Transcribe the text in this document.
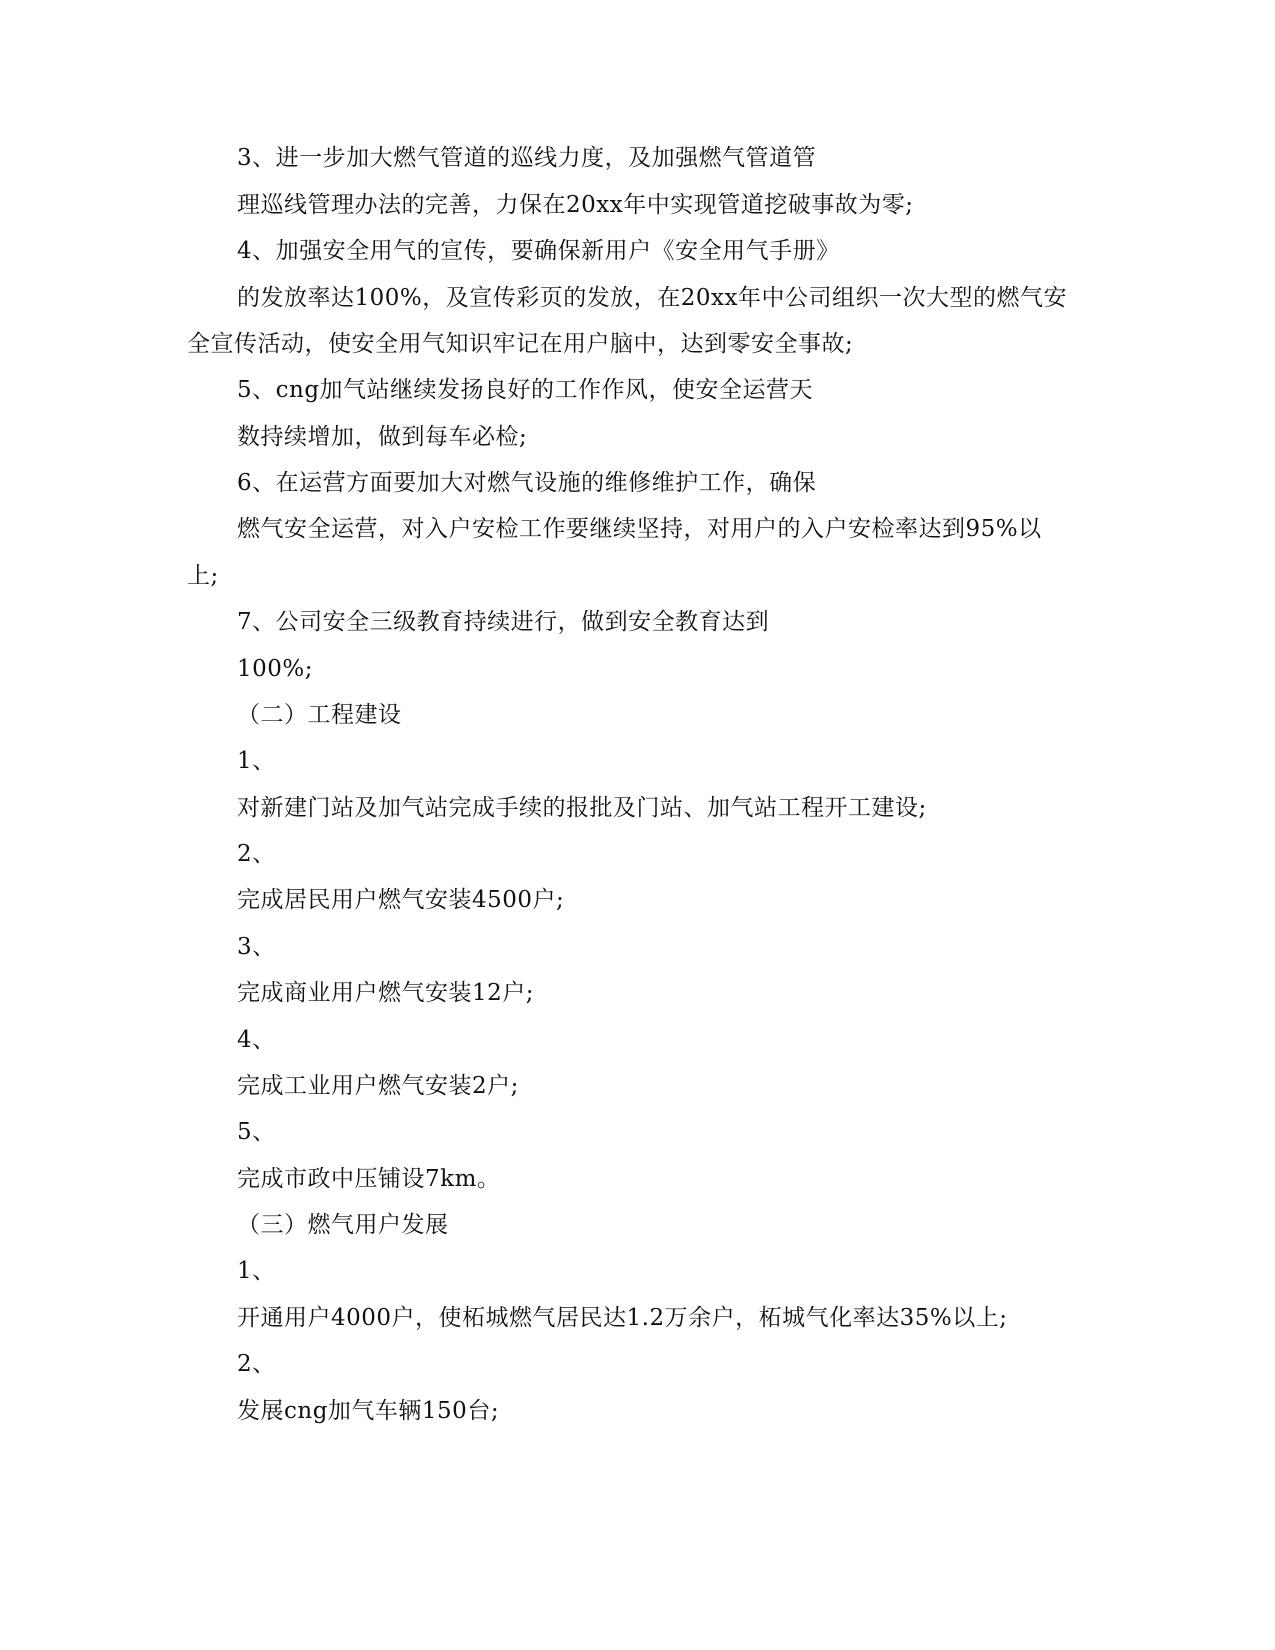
3、进一步加大燃气管道的巡线力度，及加强燃气管道管
理巡线管理办法的完善，力保在20xx年中实现管道挖破事故为零;
4、加强安全用气的宣传，要确保新用户《安全用气手册》
的发放率达100%，及宣传彩页的发放，在20xx年中公司组织一次大型的燃气安
全宣传活动，使安全用气知识牢记在用户脑中，达到零安全事故;
5、cng加气站继续发扬良好的工作作风，使安全运营天
数持续增加，做到每车必检;
6、在运营方面要加大对燃气设施的维修维护工作，确保
燃气安全运营，对入户安检工作要继续坚持，对用户的入户安检率达到95%以
上;
7、公司安全三级教育持续进行，做到安全教育达到
100%;
（二）工程建设
1、
对新建门站及加气站完成手续的报批及门站、加气站工程开工建设;
2、
完成居民用户燃气安装4500户;
3、
完成商业用户燃气安装12户;
4、
完成工业用户燃气安装2户;
5、
完成市政中压铺设7km。
（三）燃气用户发展
1、
开通用户4000户，使柘城燃气居民达1.2万余户，柘城气化率达35%以上;
2、
发展cng加气车辆150台;
